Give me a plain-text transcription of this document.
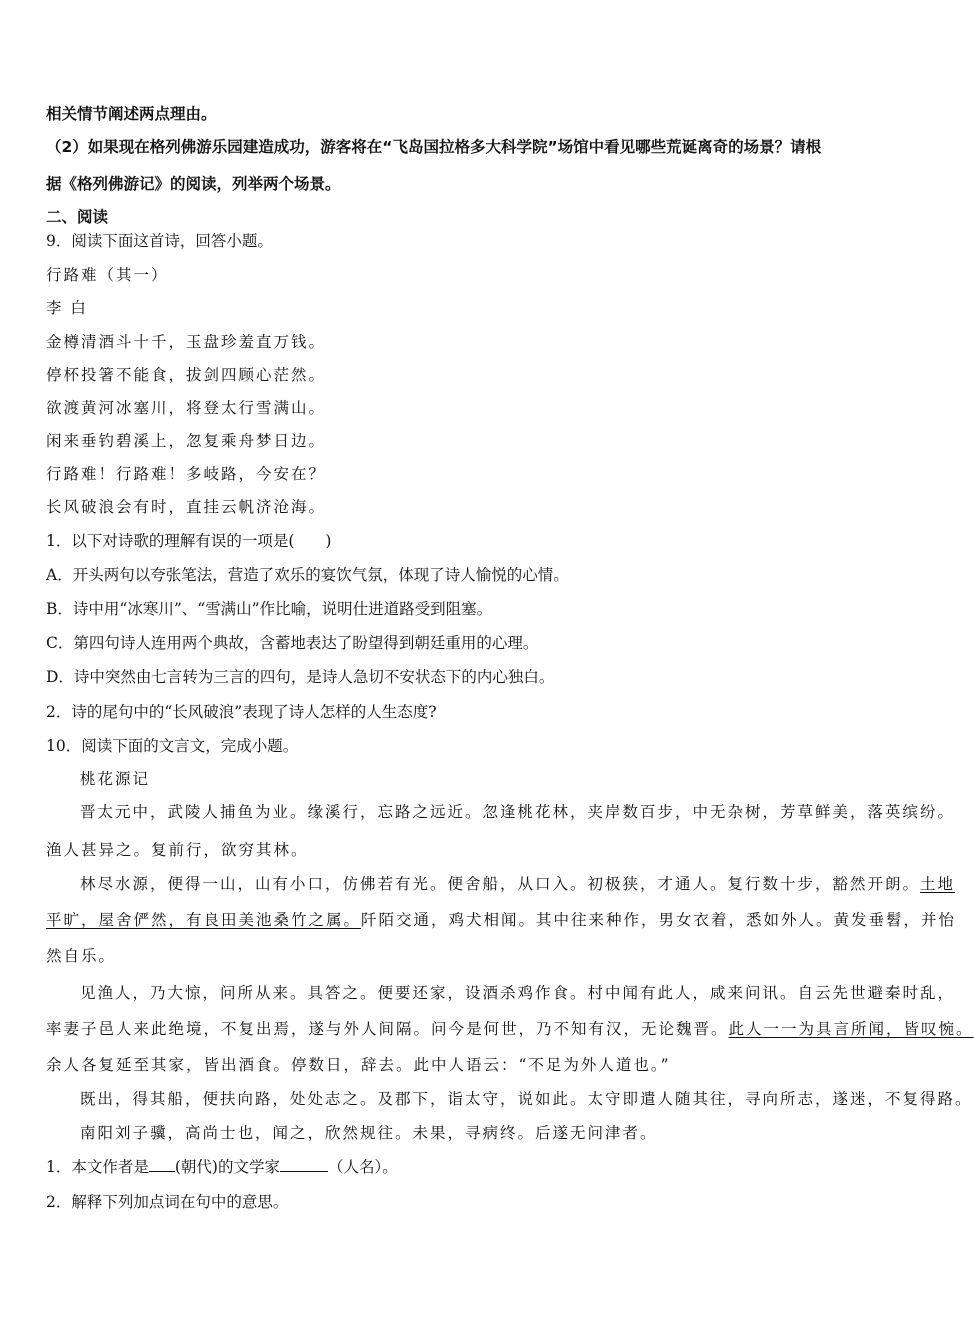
相关情节阐述两点理由。
（2）如果现在格列佛游乐园建造成功，游客将在“飞岛国拉格多大科学院”场馆中看见哪些荒诞离奇的场景？请根
据《格列佛游记》的阅读，列举两个场景。
二、阅读
9．阅读下面这首诗，回答小题。
行路难（其一）
李 白
金樽清酒斗十千，玉盘珍羞直万钱。
停杯投箸不能食，拔剑四顾心茫然。
欲渡黄河冰塞川，将登太行雪满山。
闲来垂钓碧溪上，忽复乘舟梦日边。
行路难！行路难！多岐路，今安在？
长风破浪会有时，直挂云帆济沧海。
1．以下对诗歌的理解有误的一项是(　　)
A．开头两句以夸张笔法，营造了欢乐的宴饮气氛，体现了诗人愉悦的心情。
B．诗中用“冰寒川”、“雪满山”作比喻，说明仕进道路受到阻塞。
C．第四句诗人连用两个典故，含蓄地表达了盼望得到朝廷重用的心理。
D．诗中突然由七言转为三言的四句，是诗人急切不安状态下的内心独白。
2．诗的尾句中的“长风破浪”表现了诗人怎样的人生态度?
10．阅读下面的文言文，完成小题。
桃花源记
晋太元中，武陵人捕鱼为业。缘溪行，忘路之远近。忽逢桃花林，夹岸数百步，中无杂树，芳草鲜美，落英缤纷。
渔人甚异之。复前行，欲穷其林。
林尽水源，便得一山，山有小口，仿佛若有光。便舍船，从口入。初极狭，才通人。复行数十步，豁然开朗。土地
平旷，屋舍俨然，有良田美池桑竹之属。阡陌交通，鸡犬相闻。其中往来种作，男女衣着，悉如外人。黄发垂髫，并怡
然自乐。
见渔人，乃大惊，问所从来。具答之。便要还家，设酒杀鸡作食。村中闻有此人，咸来问讯。自云先世避秦时乱，
率妻子邑人来此绝境，不复出焉，遂与外人间隔。问今是何世，乃不知有汉，无论魏晋。此人一一为具言所闻，皆叹惋。
余人各复延至其家，皆出酒食。停数日，辞去。此中人语云：“不足为外人道也。”
既出，得其船，便扶向路，处处志之。及郡下，诣太守，说如此。太守即遣人随其往，寻向所志，遂迷，不复得路。
南阳刘子骥，高尚士也，闻之，欣然规往。未果，寻病终。后遂无问津者。
1．本文作者是 (朝代)的文学家	（人名）。
2．解释下列加点词在句中的意思。
